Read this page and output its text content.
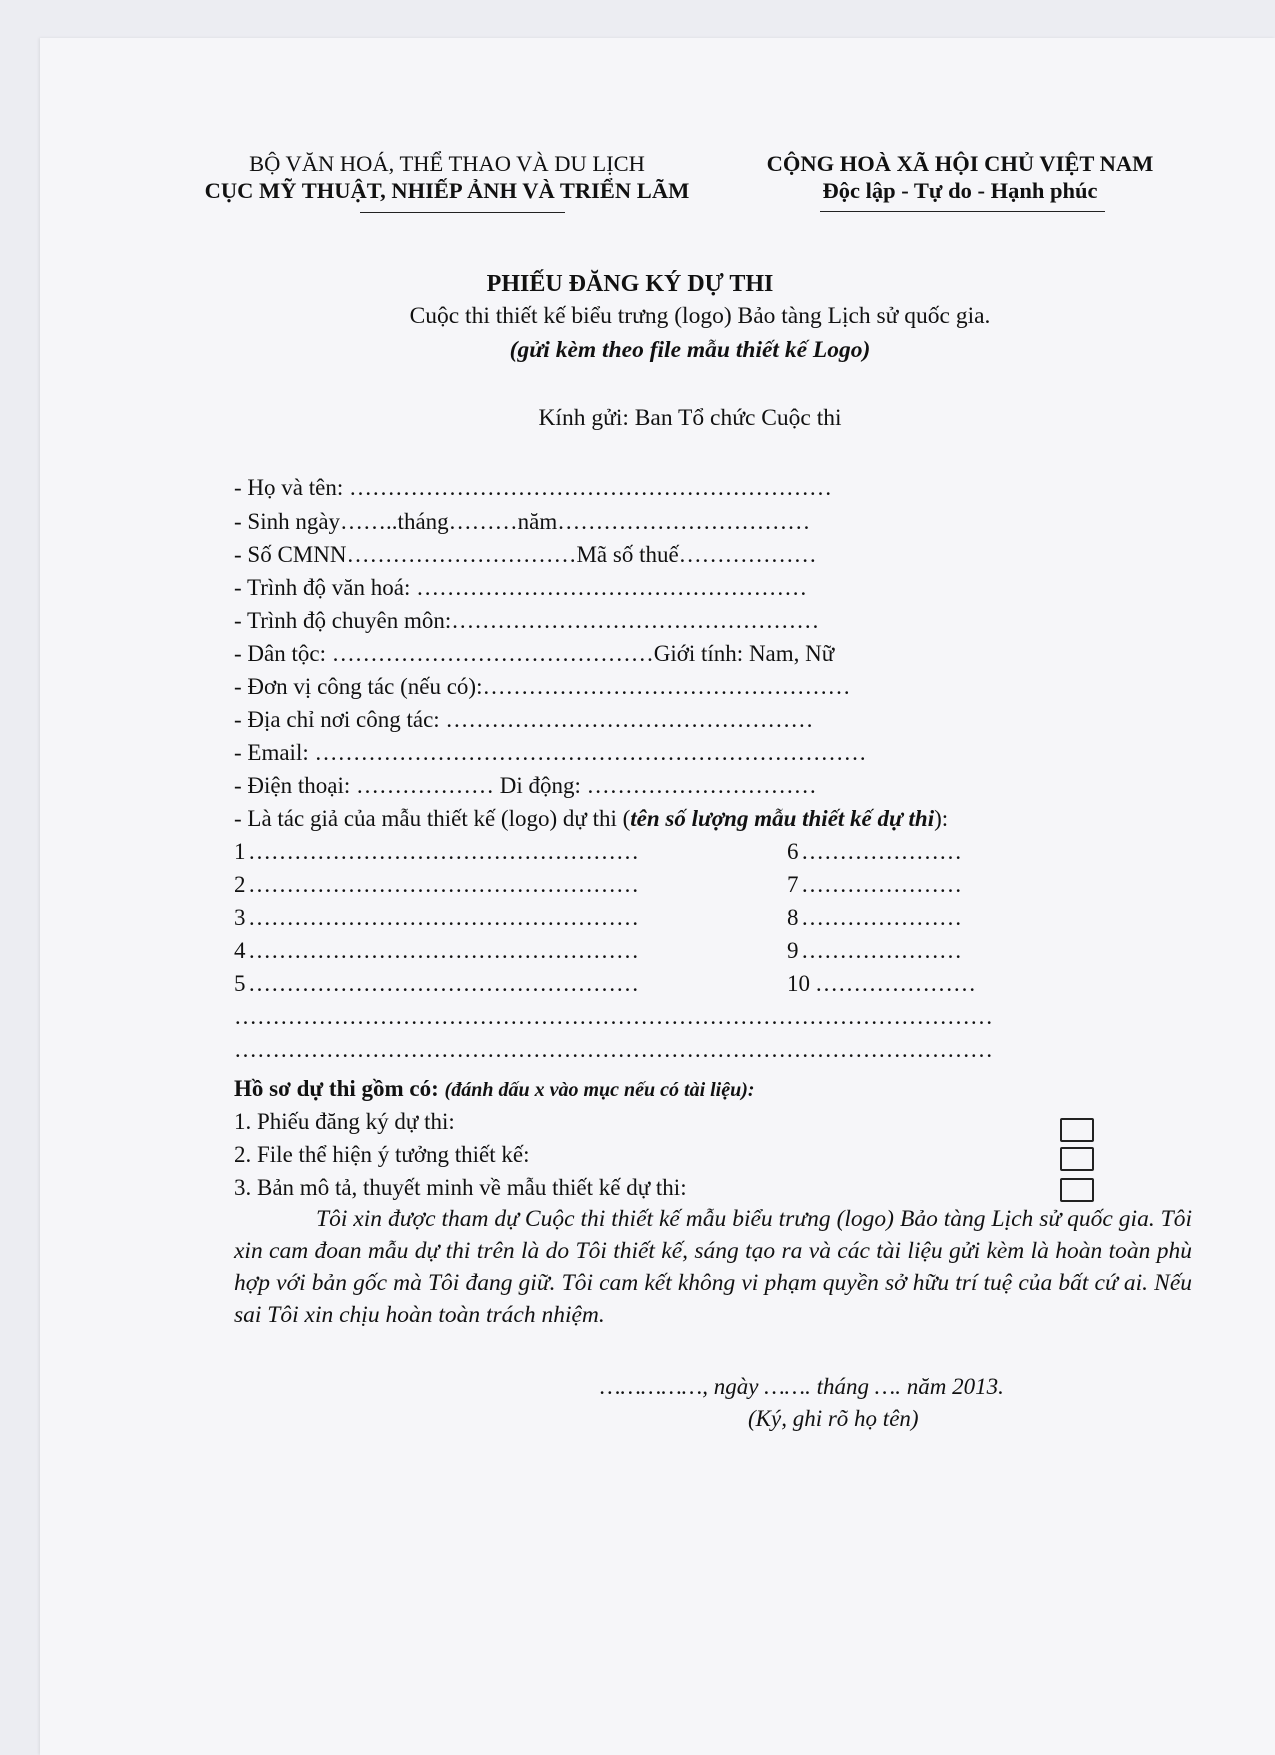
BỘ VĂN HOÁ, THỂ THAO VÀ DU LỊCH
CỤC MỸ THUẬT, NHIẾP ẢNH VÀ TRIỂN LÃM
CỘNG HOÀ XÃ HỘI CHỦ VIỆT NAM
Độc lập - Tự do - Hạnh phúc
PHIẾU ĐĂNG KÝ DỰ THI
Cuộc thi thiết kế biểu trưng (logo) Bảo tàng Lịch sử quốc gia.
(gửi kèm theo file mẫu thiết kế Logo)
Kính gửi: Ban Tổ chức Cuộc thi
- Họ và tên: ………………………………………………………
- Sinh ngày……..tháng………năm……………………………
- Số CMNN…………………………Mã số thuế………………
- Trình độ văn hoá: ……………………………………………
- Trình độ chuyên môn:…………………………………………
- Dân tộc: ……………………………………Giới tính: Nam, Nữ
- Đơn vị công tác (nếu có):…………………………………………
- Địa chỉ nơi công tác: …………………………………………
- Email: ………………………………………………………………
- Điện thoại: ……………… Di động: …………………………
- Là tác giả của mẫu thiết kế (logo) dự thi (tên số lượng mẫu thiết kế dự thi):
1 ……………………………………………	6 …………………
2 ……………………………………………	7 …………………
3 ……………………………………………	8 …………………
4 ……………………………………………	9 …………………
5 ……………………………………………	10 …………………
………………………………………………………………………………………
………………………………………………………………………………………
Hồ sơ dự thi gồm có: (đánh dấu x vào mục nếu có tài liệu):
1. Phiếu đăng ký dự thi:
2. File thể hiện ý tưởng thiết kế:
3. Bản mô tả, thuyết minh về mẫu thiết kế dự thi:
Tôi xin được tham dự Cuộc thi thiết kế mẫu biểu trưng (logo) Bảo tàng Lịch sử quốc gia. Tôi xin cam đoan mẫu dự thi trên là do Tôi thiết kế, sáng tạo ra và các tài liệu gửi kèm là hoàn toàn phù hợp với bản gốc mà Tôi đang giữ. Tôi cam kết không vi phạm quyền sở hữu trí tuệ của bất cứ ai. Nếu sai Tôi xin chịu hoàn toàn trách nhiệm.
……………, ngày ……. tháng …. năm 2013.
(Ký, ghi rõ họ tên)
